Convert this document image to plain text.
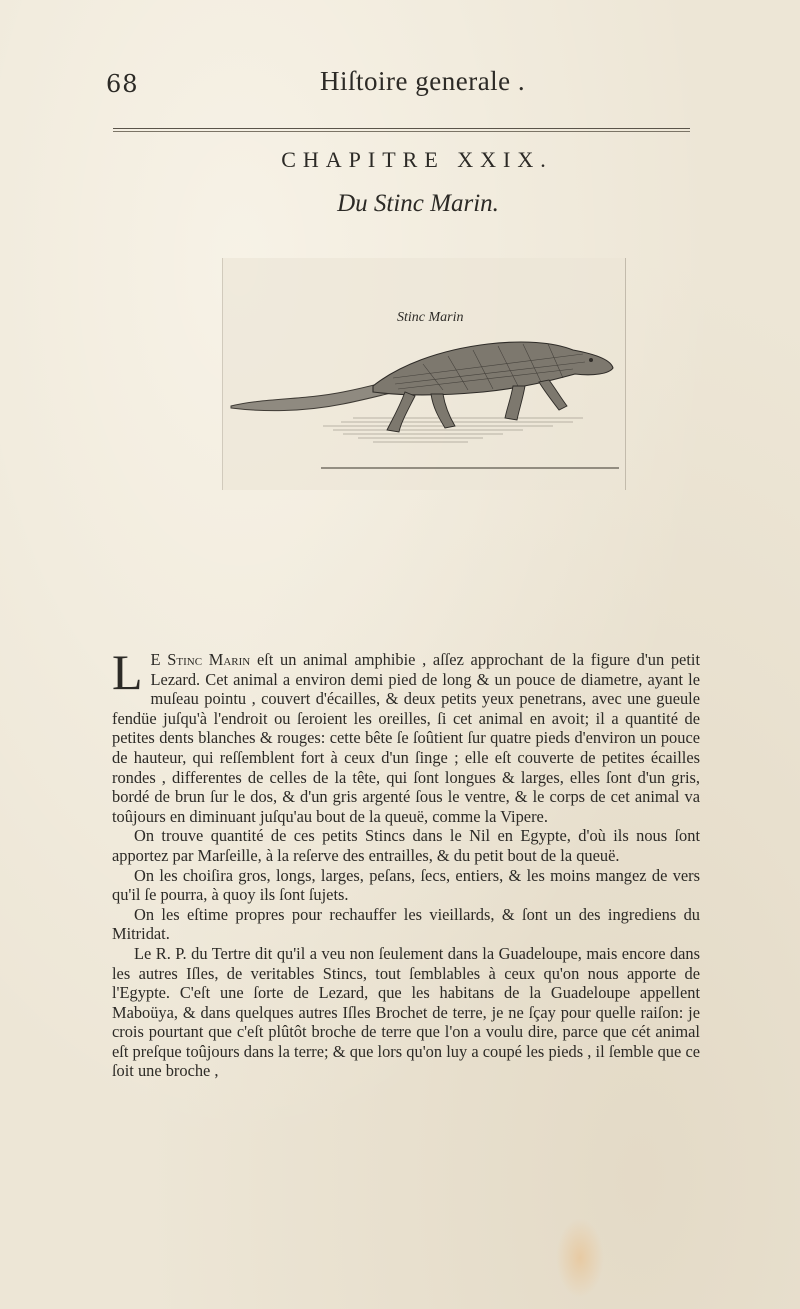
68	Hiſtoire generale .
CHAPITRE XXIX.
Du Stinc Marin.
Stinc Marin

L E Stinc Marin eſt un animal amphibie , aſſez approchant de la figure d'un petit Lezard. Cet animal a environ demi pied de long & un pouce de diametre, ayant le muſeau pointu , couvert d'écailles, & deux petits yeux penetrans, avec une gueule fendüe juſqu'à l'endroit ou ſeroient les oreilles, ſi cet animal en avoit; il a quantité de petites dents blanches & rouges: cette bête ſe ſoûtient ſur quatre pieds d'environ un pouce de hauteur, qui reſſemblent fort à ceux d'un ſinge ; elle eſt couverte de petites écailles rondes , differentes de celles de la tête, qui ſont longues & larges, elles ſont d'un gris, bordé de brun ſur le dos, & d'un gris argenté ſous le ventre, & le corps de cet animal va toûjours en diminuant juſqu'au bout de la queuë, comme la Vipere.

On trouve quantité de ces petits Stincs dans le Nil en Egypte, d'où ils nous ſont apportez par Marſeille, à la reſerve des entrailles, & du petit bout de la queuë.

On les choiſira gros, longs, larges, peſans, ſecs, entiers, & les moins mangez de vers qu'il ſe pourra, à quoy ils ſont ſujets.

On les eſtime propres pour rechauffer les vieillards, & ſont un des ingrediens du Mitridat.

Le R. P. du Tertre dit qu'il a veu non ſeulement dans la Guadeloupe, mais encore dans les autres Iſles, de veritables Stincs, tout ſemblables à ceux qu'on nous apporte de l'Egypte. C'eſt une ſorte de Lezard, que les habitans de la Guadeloupe appellent Maboüya, & dans quelques autres Iſles Brochet de terre, je ne ſçay pour quelle raiſon: je crois pourtant que c'eſt plûtôt broche de terre que l'on a voulu dire, parce que cét animal eſt preſque toûjours dans la terre; & que lors qu'on luy a coupé les pieds , il ſemble que ce ſoit une broche ,
